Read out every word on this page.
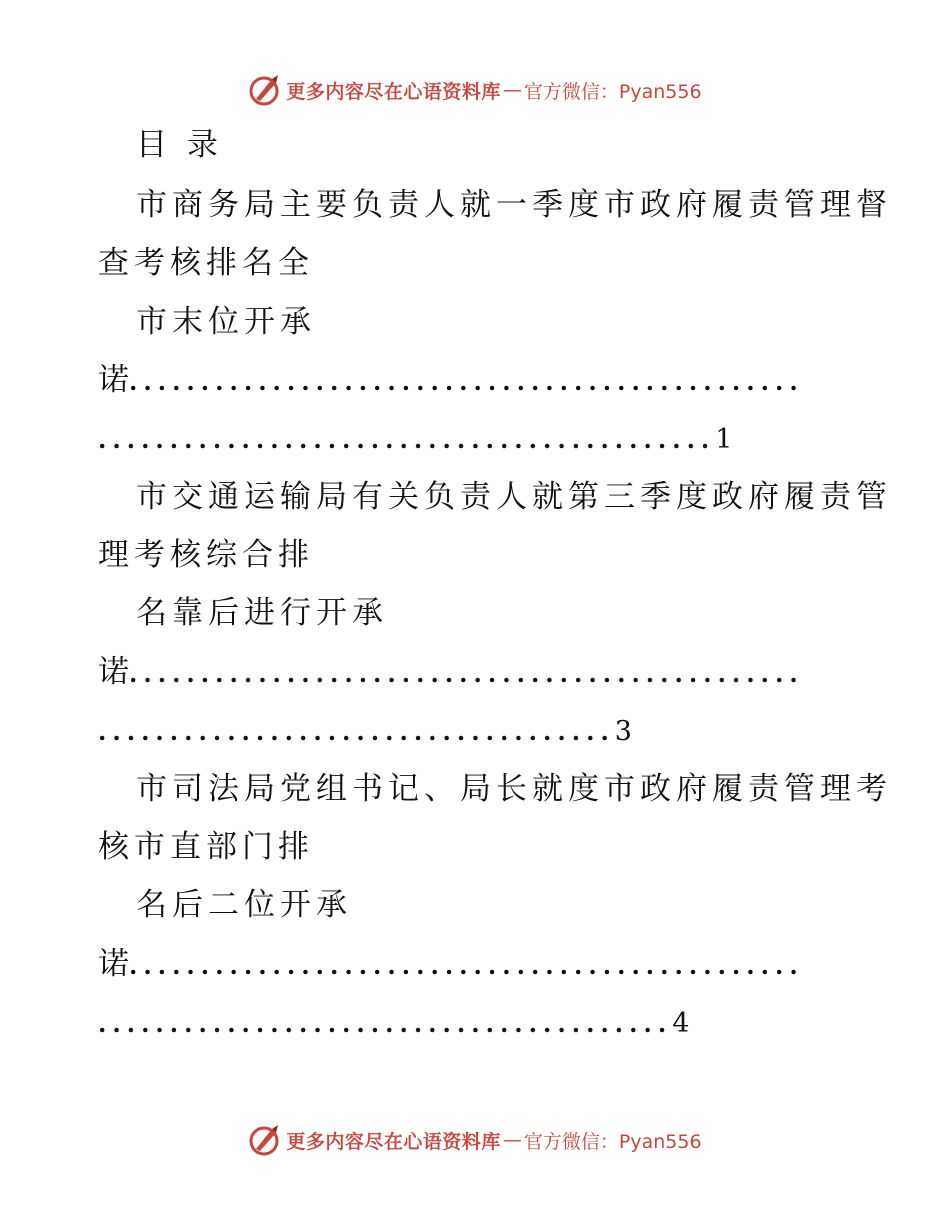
更多内容尽在心语资料库 — 官方微信：Pyan556
目 录
市商务局主要负责人就一季度市政府履责管理督
查考核排名全
市末位开承
诺...............................................
...........................................1
市交通运输局有关负责人就第三季度政府履责管
理考核综合排
名靠后进行开承
诺...............................................
....................................3
市司法局党组书记、局长就度市政府履责管理考
核市直部门排
名后二位开承
诺...............................................
........................................4
更多内容尽在心语资料库 — 官方微信：Pyan556
